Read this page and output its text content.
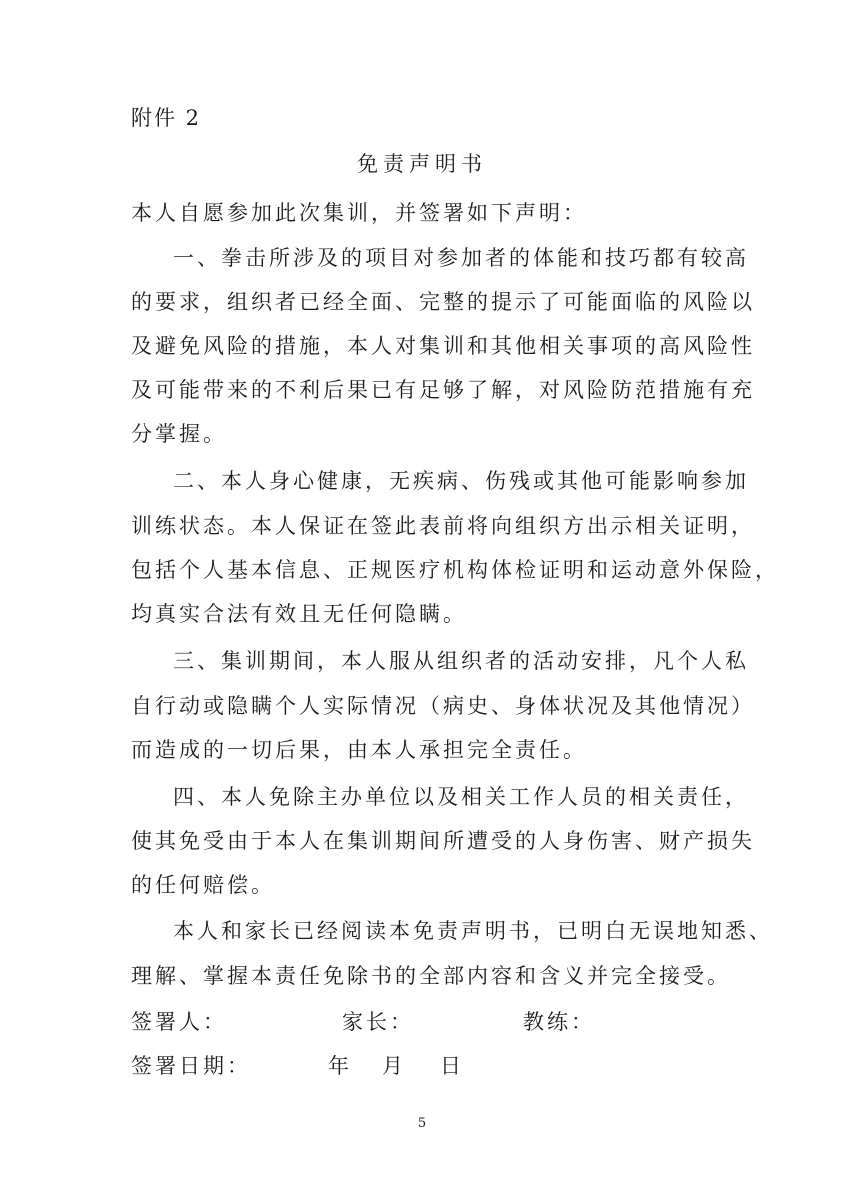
附件 2
免责声明书
本人自愿参加此次集训，并签署如下声明：
一、拳击所涉及的项目对参加者的体能和技巧都有较高
的要求，组织者已经全面、完整的提示了可能面临的风险以
及避免风险的措施，本人对集训和其他相关事项的高风险性
及可能带来的不利后果已有足够了解，对风险防范措施有充
分掌握。
二、本人身心健康，无疾病、伤残或其他可能影响参加
训练状态。本人保证在签此表前将向组织方出示相关证明，
包括个人基本信息、正规医疗机构体检证明和运动意外保险，
均真实合法有效且无任何隐瞒。
三、集训期间，本人服从组织者的活动安排，凡个人私
自行动或隐瞒个人实际情况（病史、身体状况及其他情况）
而造成的一切后果，由本人承担完全责任。
四、本人免除主办单位以及相关工作人员的相关责任，
使其免受由于本人在集训期间所遭受的人身伤害、财产损失
的任何赔偿。
本人和家长已经阅读本免责声明书，已明白无误地知悉、
理解、掌握本责任免除书的全部内容和含义并完全接受。
签署人：	家长：	教练：
签署日期：	年 月 日
5
